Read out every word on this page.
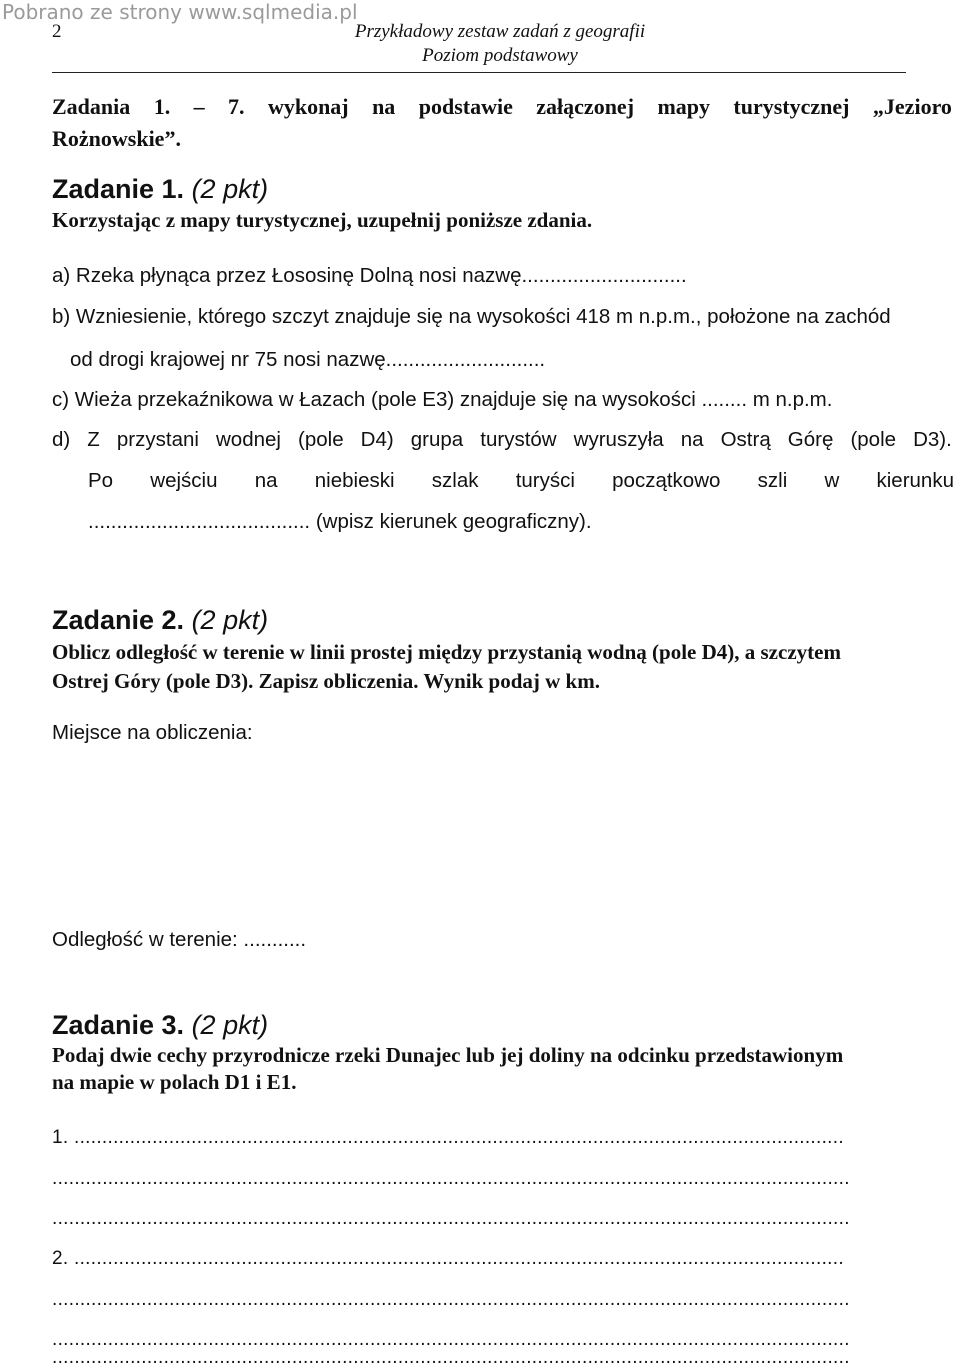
Pobrano ze strony www.sqlmedia.pl
2	Przykładowy zestaw zadań z geografii
Poziom podstawowy
Zadania 1. – 7. wykonaj na podstawie załączonej mapy turystycznej „Jezioro
Rożnowskie”.
Zadanie 1. (2 pkt)
Korzystając z mapy turystycznej, uzupełnij poniższe zdania.
a) Rzeka płynąca przez Łososinę Dolną nosi nazwę.............................
b) Wzniesienie, którego szczyt znajduje się na wysokości 418 m n.p.m., położone na zachód
od drogi krajowej nr 75 nosi nazwę............................
c) Wieża przekaźnikowa w Łazach (pole E3) znajduje się na wysokości ........ m n.p.m.
d) Z przystani wodnej (pole D4) grupa turystów wyruszyła na Ostrą Górę (pole D3).
Po wejściu na niebieski szlak turyści początkowo szli w kierunku
....................................... (wpisz kierunek geograficzny).
Zadanie 2. (2 pkt)
Oblicz odległość w terenie w linii prostej między przystanią wodną (pole D4), a szczytem
Ostrej Góry (pole D3). Zapisz obliczenia. Wynik podaj w km.
Miejsce na obliczenia:
Odległość w terenie: ...........
Zadanie 3. (2 pkt)
Podaj dwie cechy przyrodnicze rzeki Dunajec lub jej doliny na odcinku przedstawionym
na mapie w polach D1 i E1.
1. ..........................................................................................................................................
...............................................................................................................................................
...............................................................................................................................................
2. ..........................................................................................................................................
...............................................................................................................................................
...............................................................................................................................................
...............................................................................................................................................
